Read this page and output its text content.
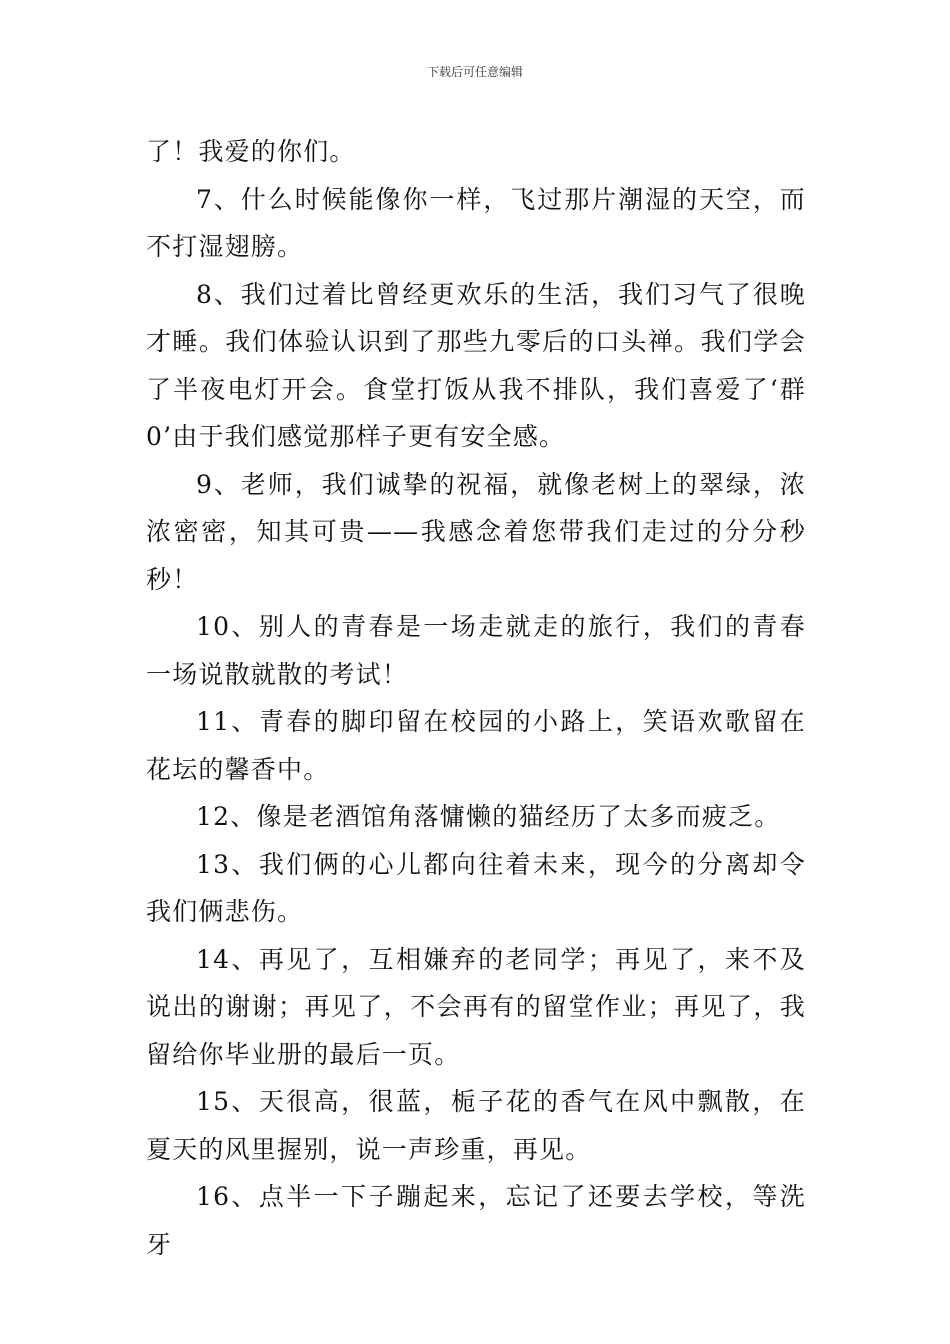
下载后可任意编辑

了！我爱的你们。

7、什么时候能像你一样，飞过那片潮湿的天空，而不打湿翅膀。

8、我们过着比曾经更欢乐的生活，我们习气了很晚才睡。我们体验认识到了那些九零后的口头禅。我们学会了半夜电灯开会。食堂打饭从我不排队，我们喜爱了‘群0’由于我们感觉那样子更有安全感。

9、老师，我们诚挚的祝福，就像老树上的翠绿，浓浓密密，知其可贵——我感念着您带我们走过的分分秒秒！

10、别人的青春是一场走就走的旅行，我们的青春一场说散就散的考试！

11、青春的脚印留在校园的小路上，笑语欢歌留在花坛的馨香中。

12、像是老酒馆角落慵懒的猫经历了太多而疲乏。

13、我们俩的心儿都向往着未来，现今的分离却令我们俩悲伤。

14、再见了，互相嫌弃的老同学；再见了，来不及说出的谢谢；再见了，不会再有的留堂作业；再见了，我留给你毕业册的最后一页。

15、天很高，很蓝，栀子花的香气在风中飘散，在夏天的风里握别，说一声珍重，再见。

16、点半一下子蹦起来，忘记了还要去学校，等洗牙
